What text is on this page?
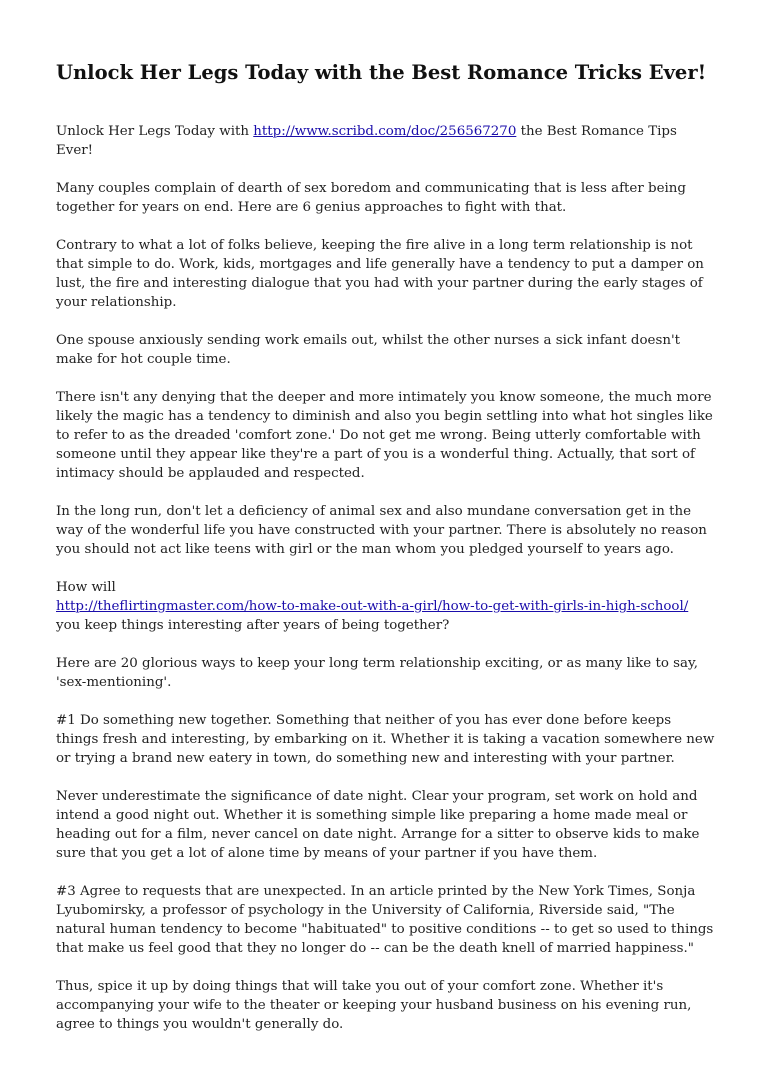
Unlock Her Legs Today with the Best Romance Tricks Ever!

Unlock Her Legs Today with http://www.scribd.com/doc/256567270 the Best Romance Tips Ever!

Many couples complain of dearth of sex boredom and communicating that is less after being together for years on end. Here are 6 genius approaches to fight with that.

Contrary to what a lot of folks believe, keeping the fire alive in a long term relationship is not that simple to do. Work, kids, mortgages and life generally have a tendency to put a damper on lust, the fire and interesting dialogue that you had with your partner during the early stages of your relationship.

One spouse anxiously sending work emails out, whilst the other nurses a sick infant doesn't make for hot couple time.

There isn't any denying that the deeper and more intimately you know someone, the much more likely the magic has a tendency to diminish and also you begin settling into what hot singles like to refer to as the dreaded 'comfort zone.' Do not get me wrong. Being utterly comfortable with someone until they appear like they're a part of you is a wonderful thing. Actually, that sort of intimacy should be applauded and respected.

In the long run, don't let a deficiency of animal sex and also mundane conversation get in the way of the wonderful life you have constructed with your partner. There is absolutely no reason you should not act like teens with girl or the man whom you pledged yourself to years ago.

How will
http://theflirtingmaster.com/how-to-make-out-with-a-girl/how-to-get-with-girls-in-high-school/ you keep things interesting after years of being together?

Here are 20 glorious ways to keep your long term relationship exciting, or as many like to say, 'sex-mentioning'.

#1 Do something new together. Something that neither of you has ever done before keeps things fresh and interesting, by embarking on it. Whether it is taking a vacation somewhere new or trying a brand new eatery in town, do something new and interesting with your partner.

Never underestimate the significance of date night. Clear your program, set work on hold and intend a good night out. Whether it is something simple like preparing a home made meal or heading out for a film, never cancel on date night. Arrange for a sitter to observe kids to make sure that you get a lot of alone time by means of your partner if you have them.

#3 Agree to requests that are unexpected. In an article printed by the New York Times, Sonja Lyubomirsky, a professor of psychology in the University of California, Riverside said, "The natural human tendency to become "habituated" to positive conditions -- to get so used to things that make us feel good that they no longer do -- can be the death knell of married happiness."

Thus, spice it up by doing things that will take you out of your comfort zone. Whether it's accompanying your wife to the theater or keeping your husband business on his evening run, agree to things you wouldn't generally do.
